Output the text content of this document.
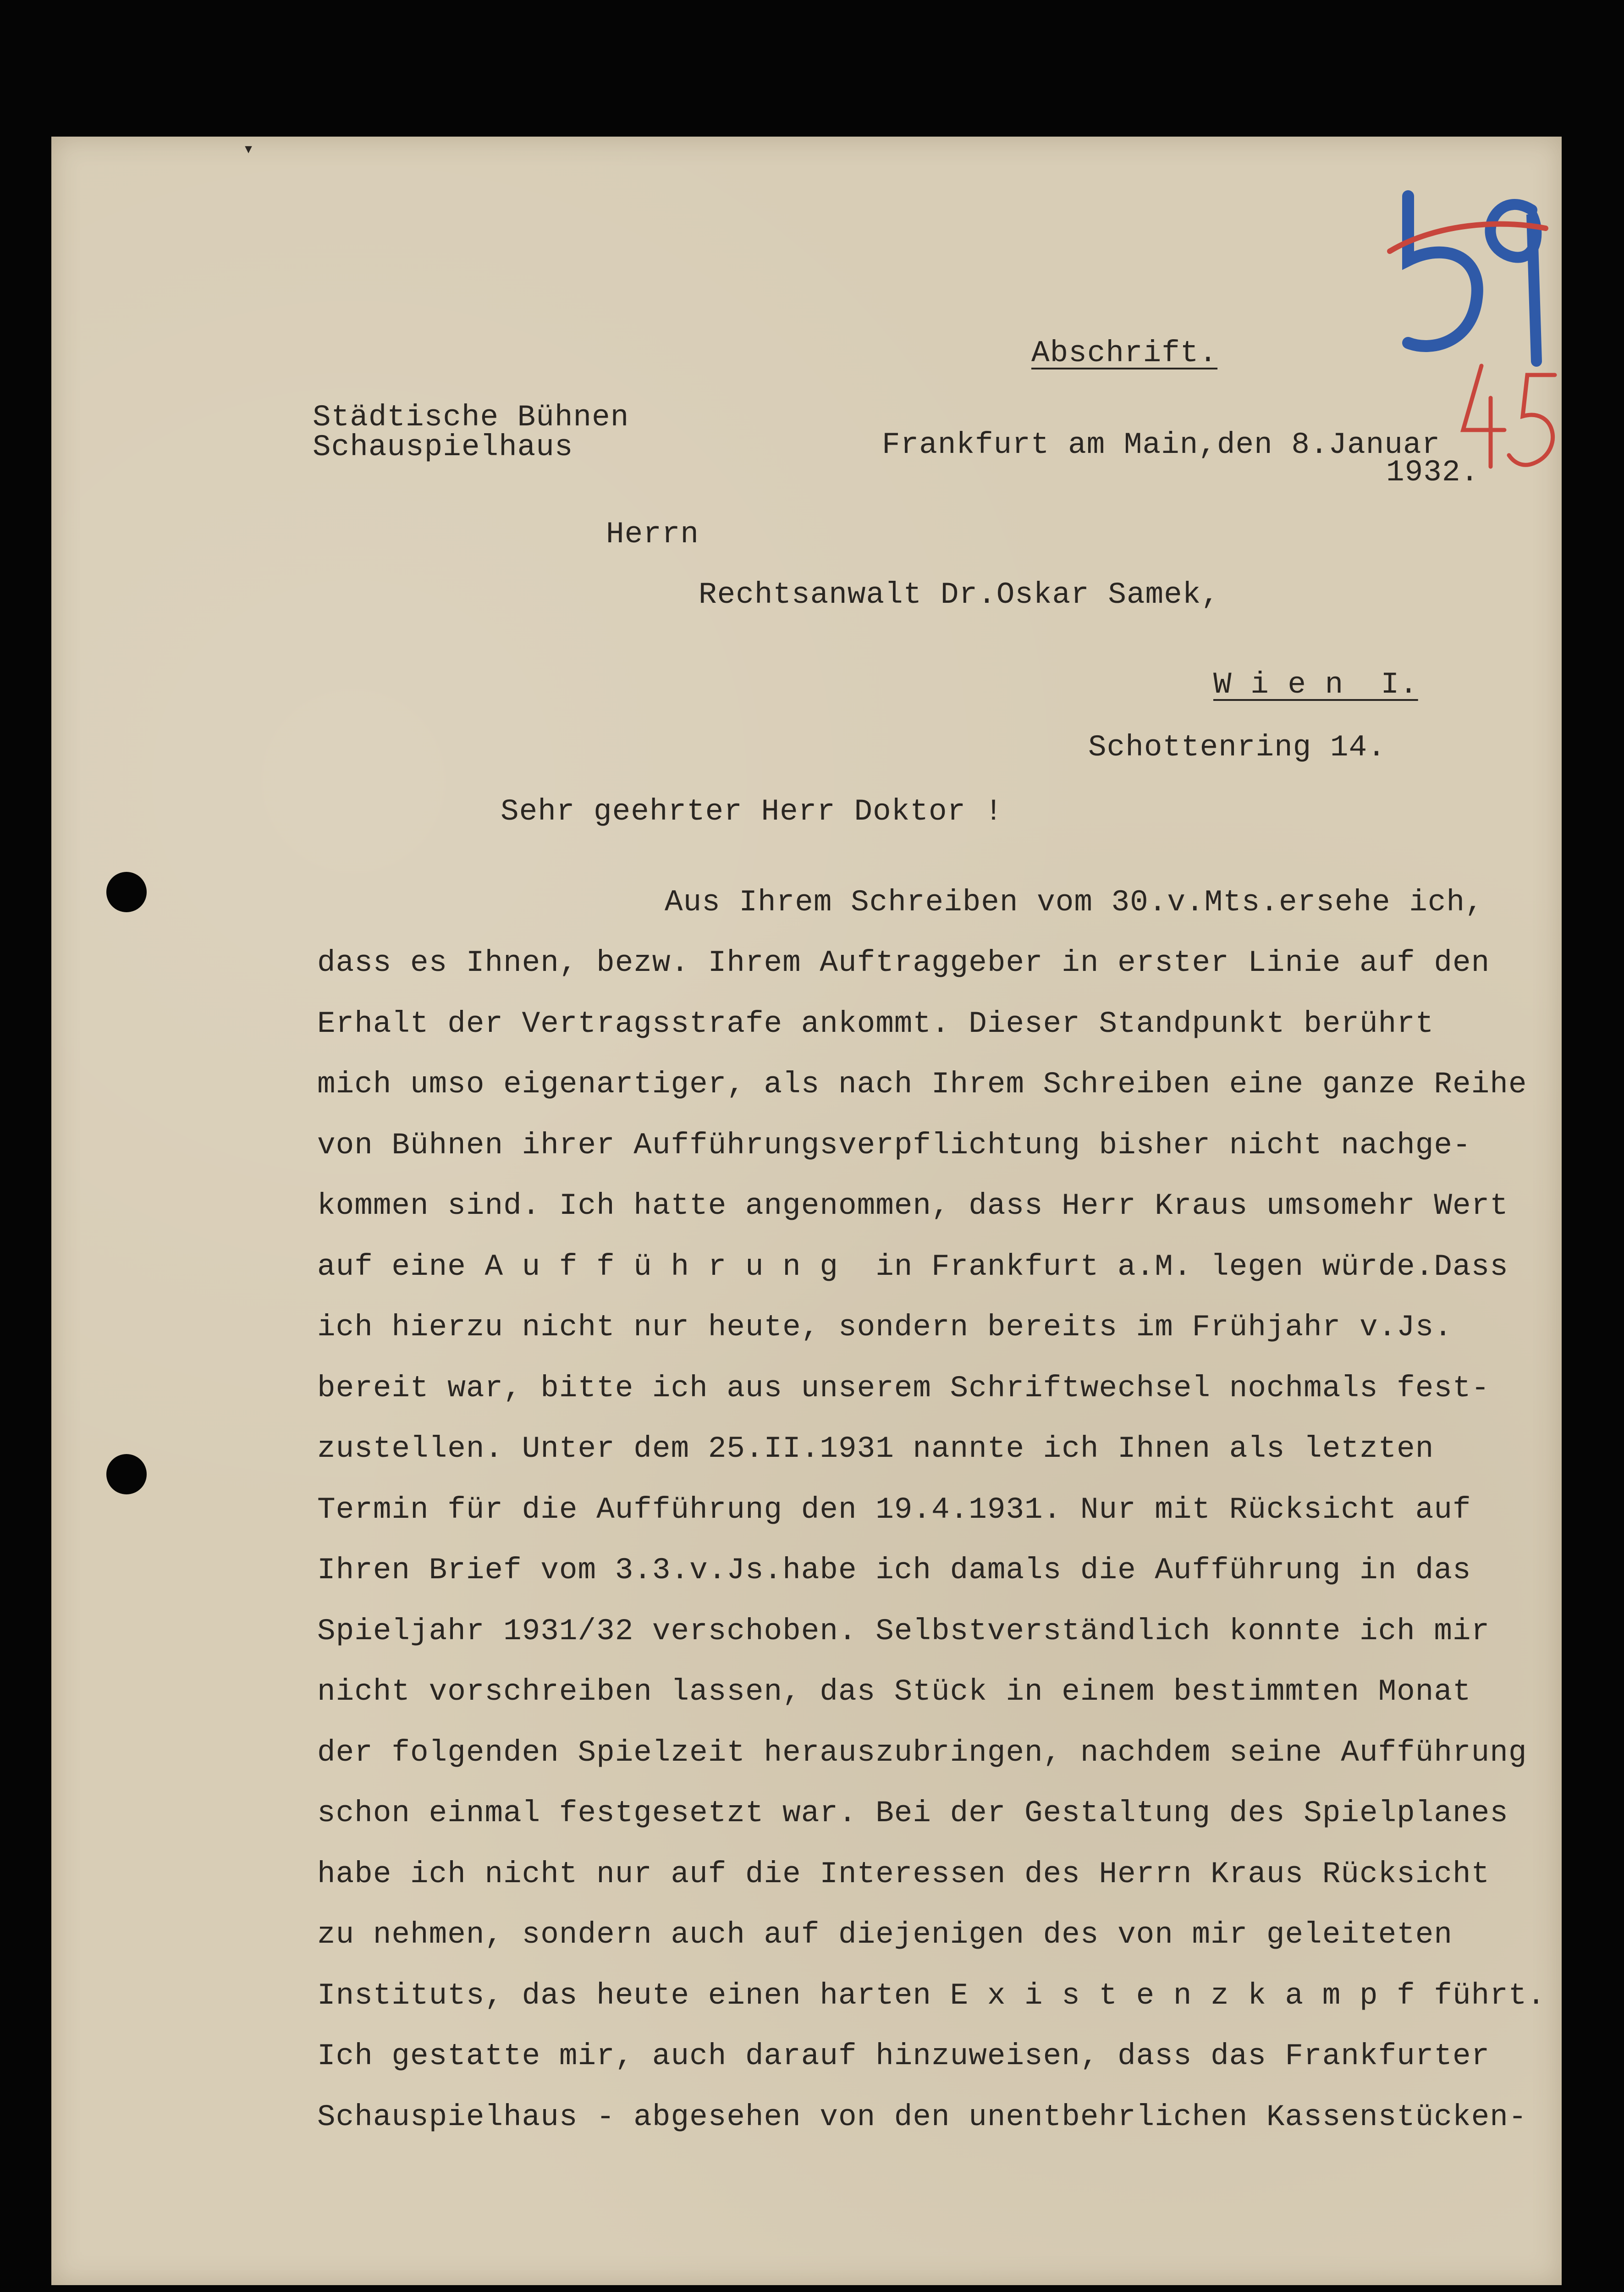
Abschrift.
Städtische Bühnen
Schauspielhaus	Frankfurt am Main,den 8.Januar
1932.
Herrn
Rechtsanwalt Dr.Oskar Samek,
W i e n  I.
Schottenring 14.
Sehr geehrter Herr Doktor !
Aus Ihrem Schreiben vom 30.v.Mts.ersehe ich,
dass es Ihnen, bezw. Ihrem Auftraggeber in erster Linie auf den
Erhalt der Vertragsstrafe ankommt. Dieser Standpunkt berührt
mich umso eigenartiger, als nach Ihrem Schreiben eine ganze Reihe
von Bühnen ihrer Aufführungsverpflichtung bisher nicht nachge-
kommen sind. Ich hatte angenommen, dass Herr Kraus umsomehr Wert
auf eine A u f f ü h r u n g  in Frankfurt a.M. legen würde.Dass
ich hierzu nicht nur heute, sondern bereits im Frühjahr v.Js.
bereit war, bitte ich aus unserem Schriftwechsel nochmals fest-
zustellen. Unter dem 25.II.1931 nannte ich Ihnen als letzten
Termin für die Aufführung den 19.4.1931. Nur mit Rücksicht auf
Ihren Brief vom 3.3.v.Js.habe ich damals die Aufführung in das
Spieljahr 1931/32 verschoben. Selbstverständlich konnte ich mir
nicht vorschreiben lassen, das Stück in einem bestimmten Monat
der folgenden Spielzeit herauszubringen, nachdem seine Aufführung
schon einmal festgesetzt war. Bei der Gestaltung des Spielplanes
habe ich nicht nur auf die Interessen des Herrn Kraus Rücksicht
zu nehmen, sondern auch auf diejenigen des von mir geleiteten
Instituts, das heute einen harten E x i s t e n z k a m p f führt.
Ich gestatte mir, auch darauf hinzuweisen, dass das Frankfurter
Schauspielhaus - abgesehen von den unentbehrlichen Kassenstücken-
▾
